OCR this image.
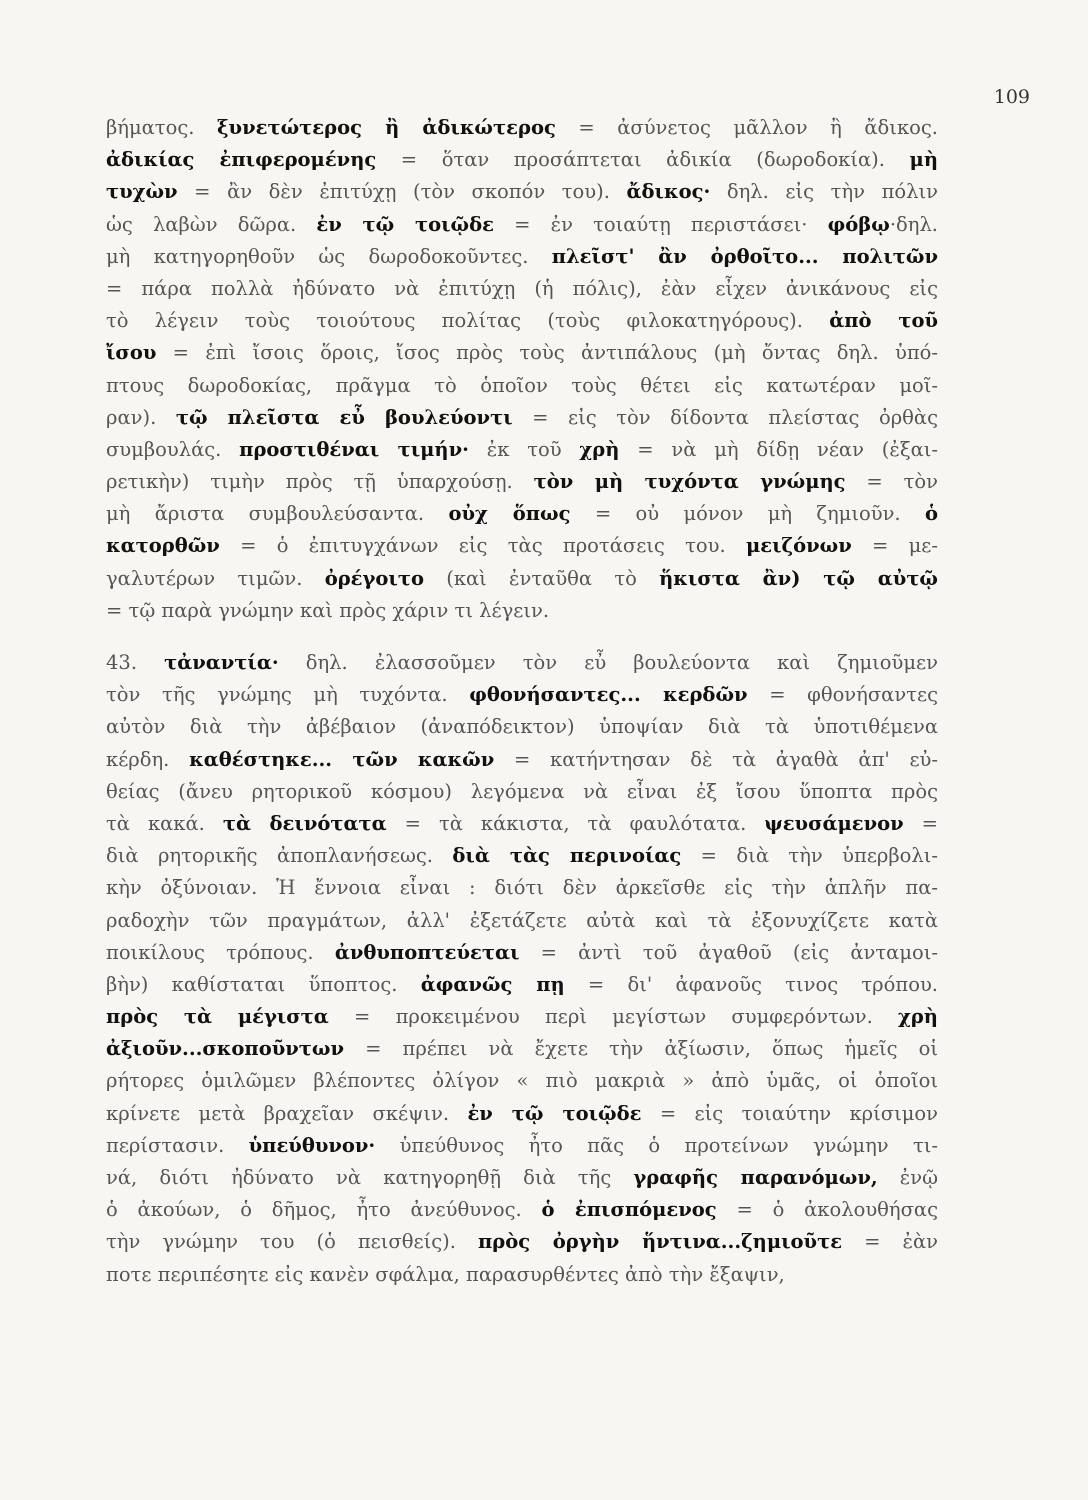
109
βήματος. ξυνετώτερος ἢ ἀδικώτερος = ἀσύνετος μᾶλλον ἢ ἄδικος.
ἀδικίας ἐπιφερομένης = ὅταν προσάπτεται ἀδικία (δωροδοκία). μὴ
τυχὼν = ἂν δὲν ἐπιτύχῃ (τὸν σκοπόν του). ἄδικος· δηλ. εἰς τὴν πόλιν
ὡς λαβὼν δῶρα. ἐν τῷ τοιῷδε = ἐν τοιαύτῃ περιστάσει· φόβῳ·δηλ.
μὴ κατηγορηθοῦν ὡς δωροδοκοῦντες. πλεῖστ' ἂν ὀρθοῖτο... πολιτῶν
= πάρα πολλὰ ἠδύνατο νὰ ἐπιτύχῃ (ἡ πόλις), ἐὰν εἶχεν ἀνικάνους εἰς
τὸ λέγειν τοὺς τοιούτους πολίτας (τοὺς φιλοκατηγόρους). ἀπὸ τοῦ
ἴσου = ἐπὶ ἴσοις ὅροις, ἴσος πρὸς τοὺς ἀντιπάλους (μὴ ὄντας δηλ. ὑπό-
πτους δωροδοκίας, πρᾶγμα τὸ ὁποῖον τοὺς θέτει εἰς κατωτέραν μοῖ-
ραν). τῷ πλεῖστα εὖ βουλεύοντι = εἰς τὸν δίδοντα πλείστας ὀρθὰς
συμβουλάς. προστιθέναι τιμήν· ἐκ τοῦ χρὴ = νὰ μὴ δίδῃ νέαν (ἐξαι-
ρετικὴν) τιμὴν πρὸς τῇ ὑπαρχούσῃ. τὸν μὴ τυχόντα γνώμης = τὸν
μὴ ἄριστα συμβουλεύσαντα. οὐχ ὅπως = οὐ μόνον μὴ ζημιοῦν. ὁ
κατορθῶν = ὁ ἐπιτυγχάνων εἰς τὰς προτάσεις του. μειζόνων = με-
γαλυτέρων τιμῶν. ὀρέγοιτο (καὶ ἐνταῦθα τὸ ἥκιστα ἂν) τῷ αὐτῷ
= τῷ παρὰ γνώμην καὶ πρὸς χάριν τι λέγειν.
43. τἀναντία· δηλ. ἐλασσοῦμεν τὸν εὖ βουλεύοντα καὶ ζημιοῦμεν
τὸν τῆς γνώμης μὴ τυχόντα. φθονήσαντες... κερδῶν = φθονήσαντες
αὐτὸν διὰ τὴν ἀβέβαιον (ἀναπόδεικτον) ὑποψίαν διὰ τὰ ὑποτιθέμενα
κέρδη. καθέστηκε... τῶν κακῶν = κατήντησαν δὲ τὰ ἀγαθὰ ἀπ' εὐ-
θείας (ἄνευ ρητορικοῦ κόσμου) λεγόμενα νὰ εἶναι ἐξ ἴσου ὕποπτα πρὸς
τὰ κακά. τὰ δεινότατα = τὰ κάκιστα, τὰ φαυλότατα. ψευσάμενον =
διὰ ρητορικῆς ἀποπλανήσεως. διὰ τὰς περινοίας = διὰ τὴν ὑπερβολι-
κὴν ὀξύνοιαν. Ἡ ἔννοια εἶναι : διότι δὲν ἀρκεῖσθε εἰς τὴν ἁπλῆν πα-
ραδοχὴν τῶν πραγμάτων, ἀλλ' ἐξετάζετε αὐτὰ καὶ τὰ ἐξονυχίζετε κατὰ
ποικίλους τρόπους. ἀνθυποπτεύεται = ἀντὶ τοῦ ἀγαθοῦ (εἰς ἀνταμοι-
βὴν) καθίσταται ὕποπτος. ἀφανῶς πῃ = δι' ἀφανοῦς τινος τρόπου.
πρὸς τὰ μέγιστα = προκειμένου περὶ μεγίστων συμφερόντων. χρὴ
ἀξιοῦν...σκοποῦντων = πρέπει νὰ ἔχετε τὴν ἀξίωσιν, ὅπως ἡμεῖς οἱ
ρήτορες ὁμιλῶμεν βλέποντες ὀλίγον « πιὸ μακριὰ » ἀπὸ ὑμᾶς, οἱ ὁποῖοι
κρίνετε μετὰ βραχεῖαν σκέψιν. ἐν τῷ τοιῷδε = εἰς τοιαύτην κρίσιμον
περίστασιν. ὑπεύθυνον· ὑπεύθυνος ἦτο πᾶς ὁ προτείνων γνώμην τι-
νά, διότι ἠδύνατο νὰ κατηγορηθῇ διὰ τῆς γραφῆς παρανόμων, ἐνῷ
ὁ ἀκούων, ὁ δῆμος, ἦτο ἀνεύθυνος. ὁ ἐπισπόμενος = ὁ ἀκολουθήσας
τὴν γνώμην του (ὁ πεισθείς). πρὸς ὀργὴν ἥντινα...ζημιοῦτε = ἐὰν
ποτε περιπέσητε εἰς κανὲν σφάλμα, παρασυρθέντες ἀπὸ τὴν ἔξαψιν,
